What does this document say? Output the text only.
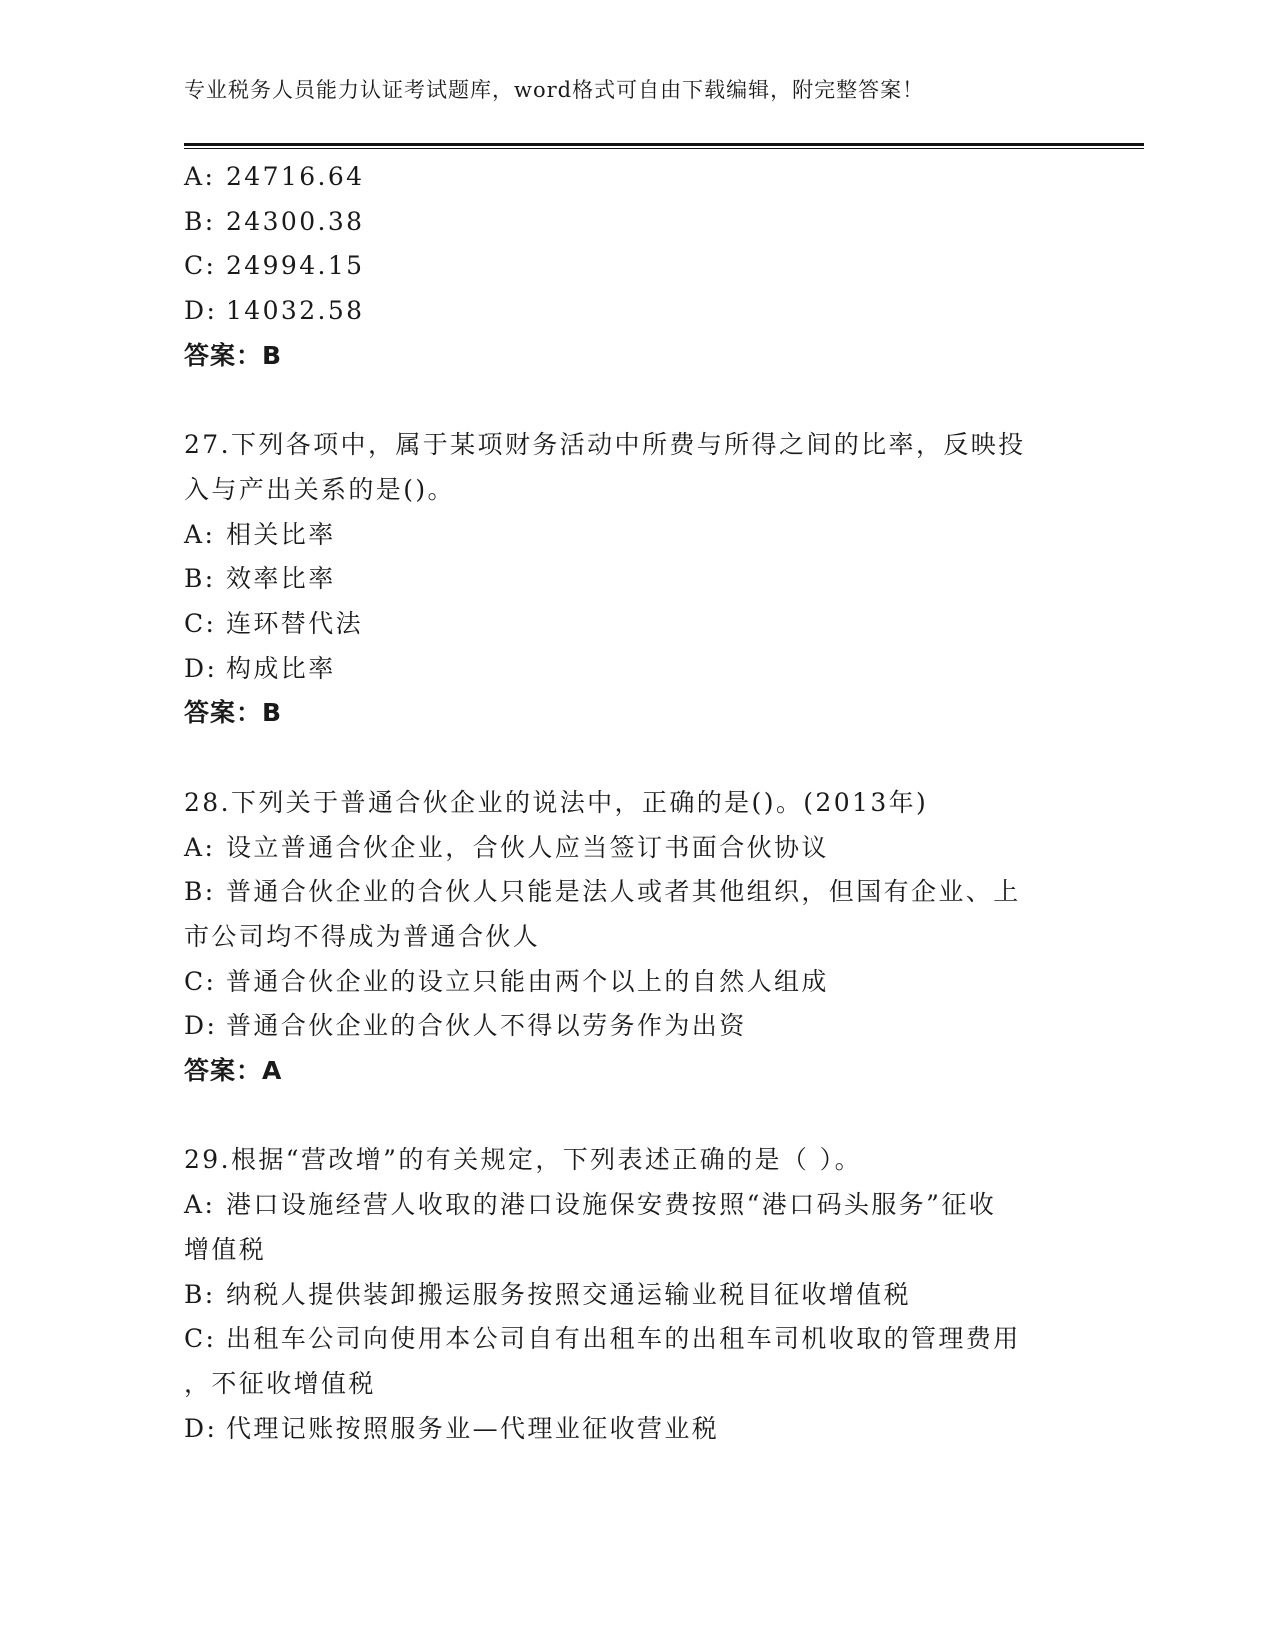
专业税务人员能力认证考试题库，word格式可自由下载编辑，附完整答案！
A: 24716.64
B: 24300.38
C: 24994.15
D: 14032.58
答案：B
27.下列各项中，属于某项财务活动中所费与所得之间的比率，反映投
入与产出关系的是()。
A: 相关比率
B: 效率比率
C: 连环替代法
D: 构成比率
答案：B
28.下列关于普通合伙企业的说法中，正确的是()。(2013年)
A: 设立普通合伙企业，合伙人应当签订书面合伙协议
B: 普通合伙企业的合伙人只能是法人或者其他组织，但国有企业、上
市公司均不得成为普通合伙人
C: 普通合伙企业的设立只能由两个以上的自然人组成
D: 普通合伙企业的合伙人不得以劳务作为出资
答案：A
29.根据“营改增”的有关规定，下列表述正确的是（ ）。
A: 港口设施经营人收取的港口设施保安费按照“港口码头服务”征收
增值税
B: 纳税人提供装卸搬运服务按照交通运输业税目征收增值税
C: 出租车公司向使用本公司自有出租车的出租车司机收取的管理费用
，不征收增值税
D: 代理记账按照服务业—代理业征收营业税
